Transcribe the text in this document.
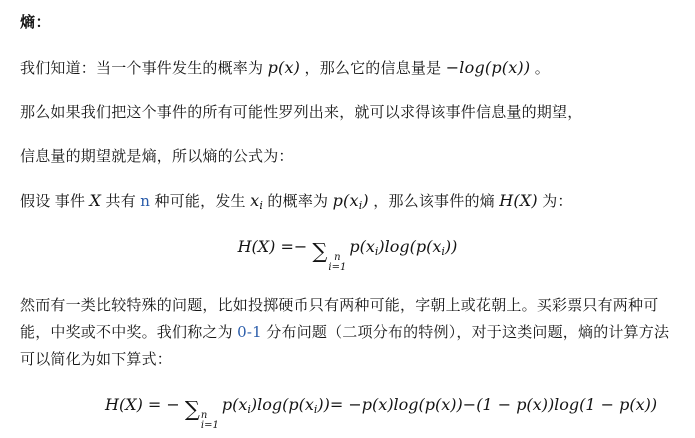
熵：
我们知道：当一个事件发生的概率为 p(x) ，那么它的信息量是 −log(p(x)) 。
那么如果我们把这个事件的所有可能性罗列出来，就可以求得该事件信息量的期望，
信息量的期望就是熵，所以熵的公式为：
假设 事件 X 共有 n 种可能，发生 $x_i$ 的概率为 $p(x_i)$ ，那么该事件的熵 H(X) 为：
H(X) =− ∑ n
i=1
$p(x_i)\log(p(x_i))$
然而有一类比较特殊的问题，比如投掷硬币只有两种可能，字朝上或花朝上。买彩票只有两种可能，中奖或不中奖。我们称之为 0-1 分布问题（二项分布的特例），对于这类问题，熵的计算方法可以简化为如下算式：
H(X) = − ∑ n
i=1
$p(x_i)\log(p(x_i))= -p(x)\log(p(x))-(1 - p(x))\log(1 - p(x))$
